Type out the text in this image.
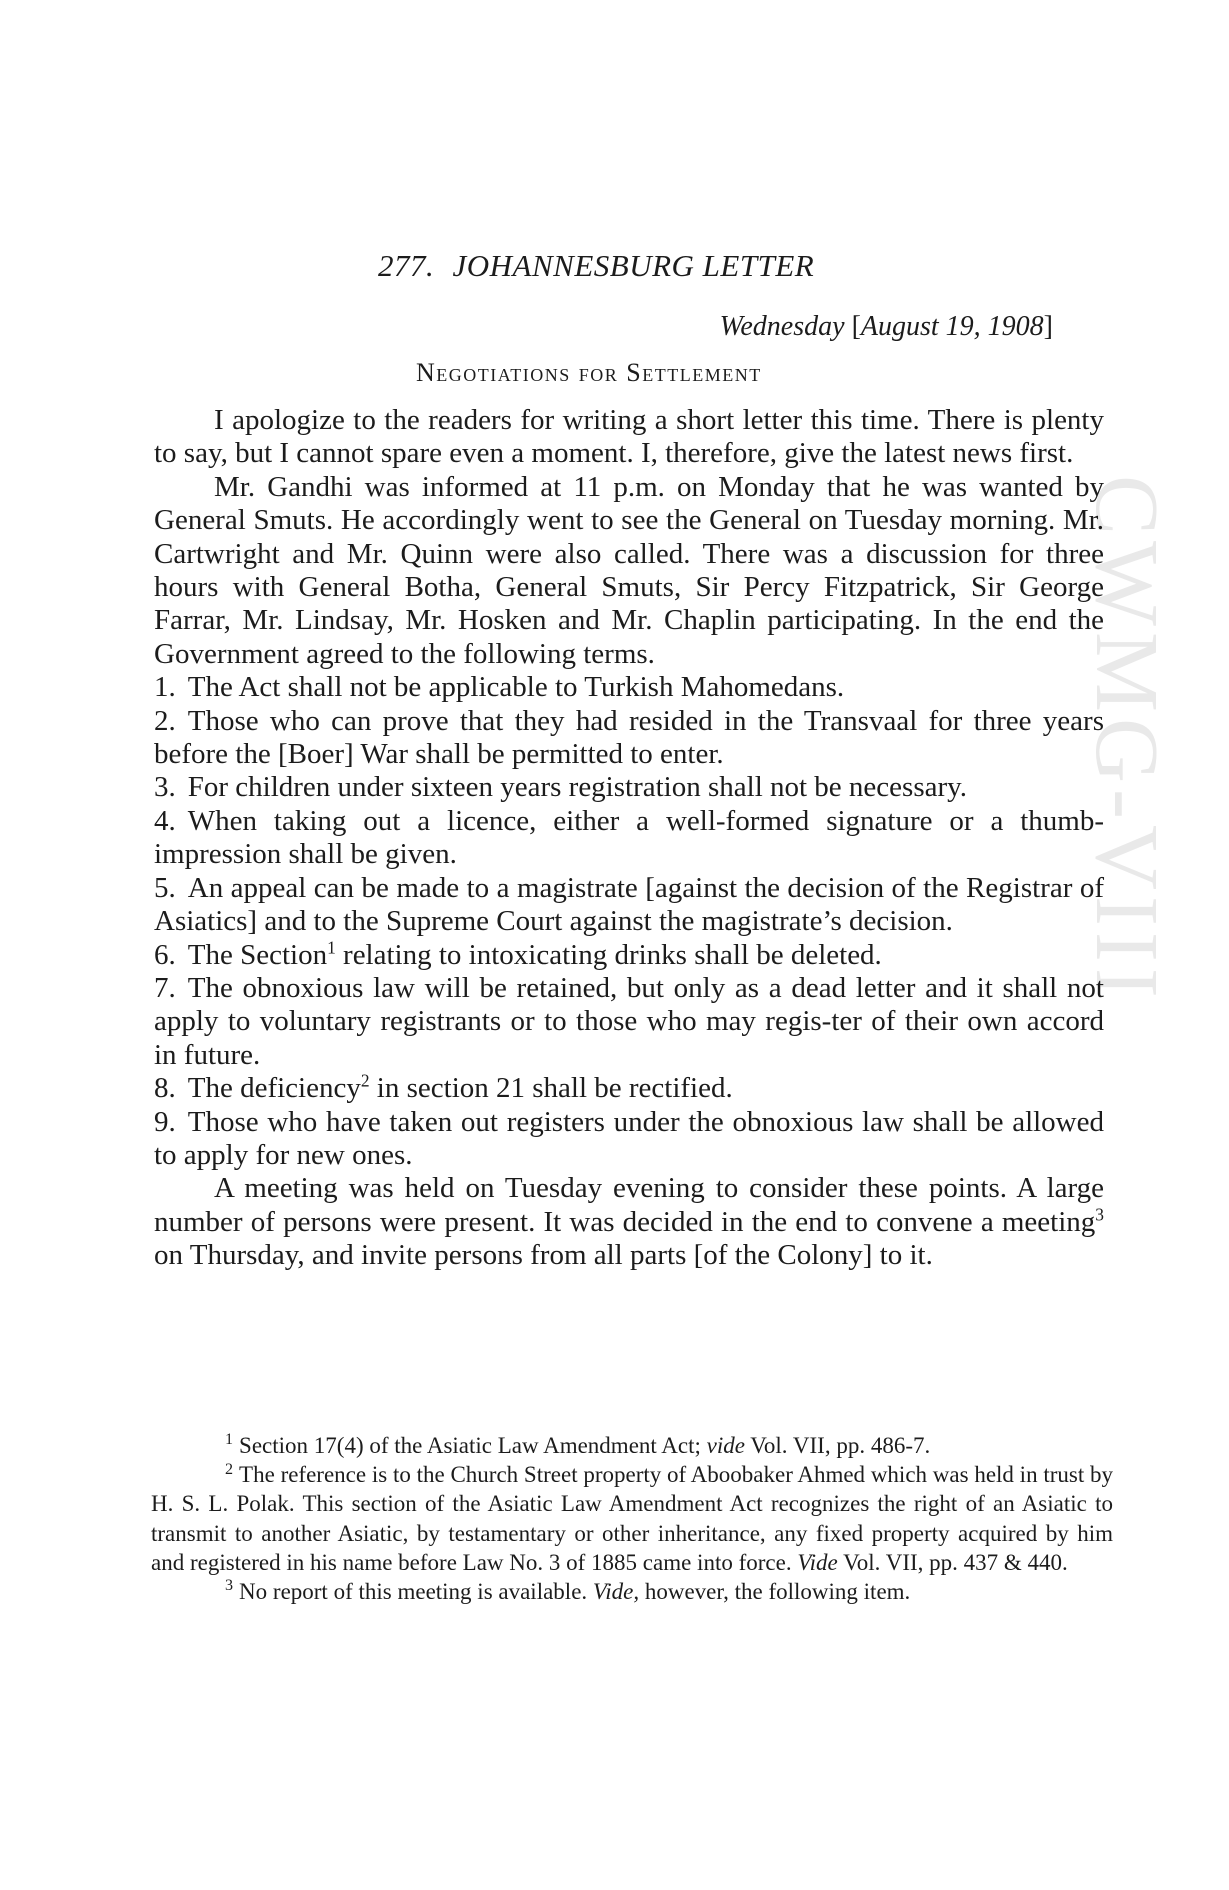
CWMG-VIII
277. JOHANNESBURG LETTER
Wednesday [August 19, 1908]
Negotiations for Settlement

I apologize to the readers for writing a short letter this time. There is plenty to say, but I cannot spare even a moment. I, therefore, give the latest news first.

Mr. Gandhi was informed at 11 p.m. on Monday that he was wanted by General Smuts. He accordingly went to see the General on Tuesday morning. Mr. Cartwright and Mr. Quinn were also called. There was a discussion for three hours with General Botha, General Smuts, Sir Percy Fitzpatrick, Sir George Farrar, Mr. Lindsay, Mr. Hosken and Mr. Chaplin participating. In the end the Government agreed to the following terms.

1. The Act shall not be applicable to Turkish Mahomedans.

2. Those who can prove that they had resided in the Transvaal for three years before the [Boer] War shall be permitted to enter.

3. For children under sixteen years registration shall not be necessary.

4. When taking out a licence, either a well-formed signature or a thumb-impression shall be given.

5. An appeal can be made to a magistrate [against the decision of the Registrar of Asiatics] and to the Supreme Court against the magistrate’s decision.

6. The Section$^1$ relating to intoxicating drinks shall be deleted.

7. The obnoxious law will be retained, but only as a dead letter and it shall not apply to voluntary registrants or to those who may regis-ter of their own accord in future.

8. The deficiency$^2$ in section 21 shall be rectified.

9. Those who have taken out registers under the obnoxious law shall be allowed to apply for new ones.

A meeting was held on Tuesday evening to consider these points. A large number of persons were present. It was decided in the end to convene a meeting$^3$ on Thursday, and invite persons from all parts [of the Colony] to it.

$^1$ Section 17(4) of the Asiatic Law Amendment Act; vide Vol. VII, pp. 486-7.

$^2$ The reference is to the Church Street property of Aboobaker Ahmed which was held in trust by H. S. L. Polak. This section of the Asiatic Law Amendment Act recognizes the right of an Asiatic to transmit to another Asiatic, by testamentary or other inheritance, any fixed property acquired by him and registered in his name before Law No. 3 of 1885 came into force. Vide Vol. VII, pp. 437 & 440.

$^3$ No report of this meeting is available. Vide, however, the following item.
